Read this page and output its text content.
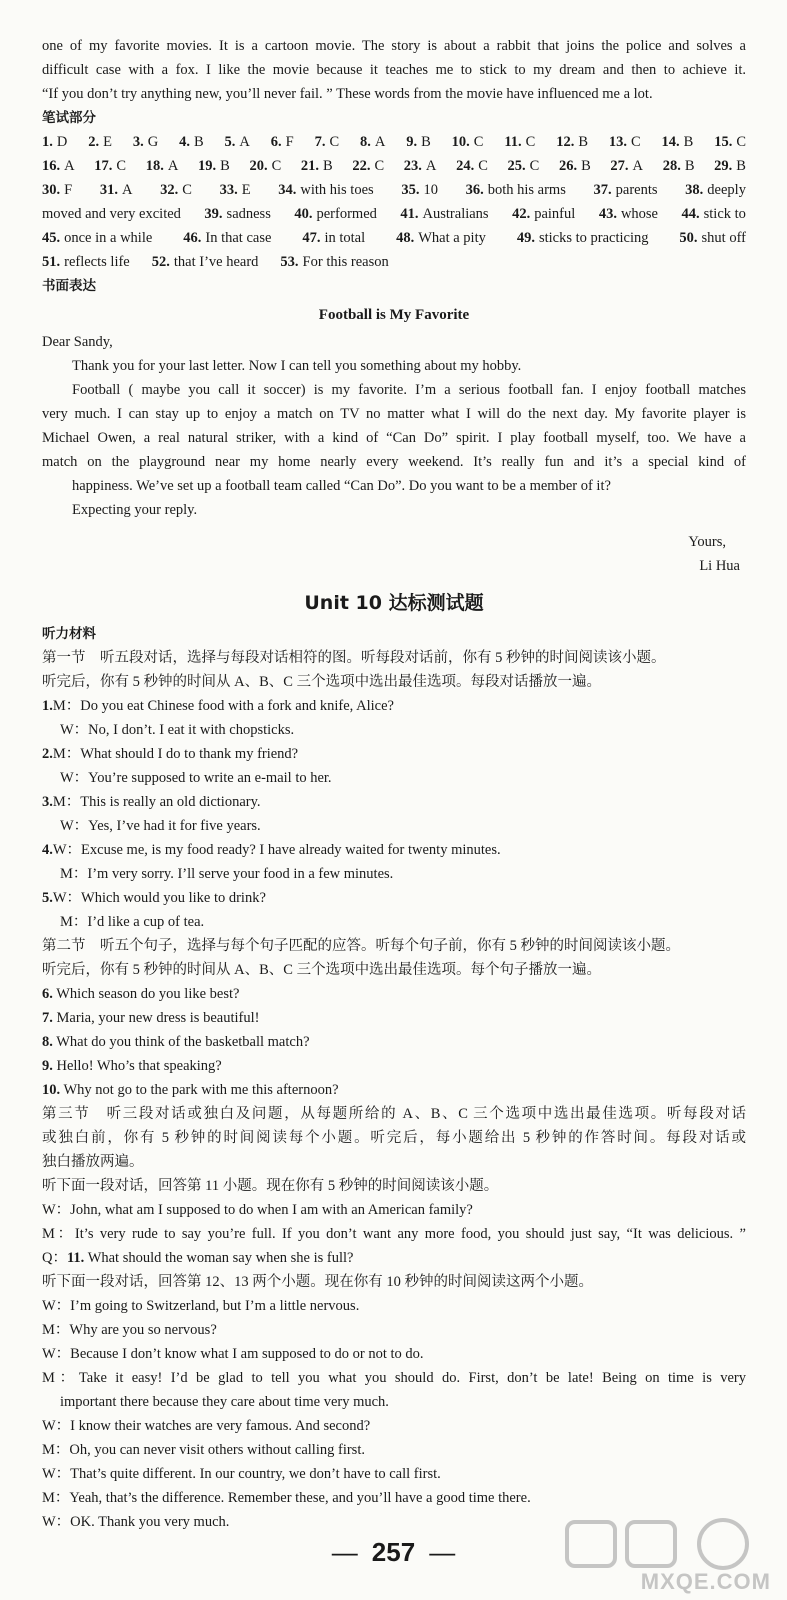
one of my favorite movies. It is a cartoon movie. The story is about a rabbit that joins the police and solves a
difficult case with a fox. I like the movie because it teaches me to stick to my dream and then to achieve it.
“If you don’t try anything new, you’ll never fail. ” These words from the movie have influenced me a lot.
笔试部分
1. D 2. E 3. G 4. B 5. A 6. F 7. C 8. A 9. B 10. C 11. C 12. B 13. C 14. B 15. C
16. A 17. C 18. A 19. B 20. C 21. B 22. C 23. A 24. C 25. C 26. B 27. A 28. B 29. B
30. F 31. A 32. C 33. E 34. with his toes 35. 10 36. both his arms 37. parents 38. deeply
moved and very excited 39. sadness 40. performed 41. Australians 42. painful 43. whose 44. stick to
45. once in a while 46. In that case 47. in total 48. What a pity 49. sticks to practicing 50. shut off
51. reflects life 52. that I’ve heard 53. For this reason
书面表达
Football is My Favorite
Dear Sandy,
Thank you for your last letter. Now I can tell you something about my hobby.
Football ( maybe you call it soccer) is my favorite. I’m a serious football fan. I enjoy football matches
very much. I can stay up to enjoy a match on TV no matter what I will do the next day. My favorite player is
Michael Owen, a real natural striker, with a kind of “Can Do” spirit. I play football myself, too. We have a
match on the playground near my home nearly every weekend. It’s really fun and it’s a special kind of
happiness. We’ve set up a football team called “Can Do”. Do you want to be a member of it?
Expecting your reply.
Yours,
Li Hua
Unit 10 达标测试题
听力材料
第一节　听五段对话，选择与每段对话相符的图。听每段对话前，你有 5 秒钟的时间阅读该小题。
听完后，你有 5 秒钟的时间从 A、B、C 三个选项中选出最佳选项。每段对话播放一遍。
1.M：Do you eat Chinese food with a fork and knife, Alice?
W：No, I don’t. I eat it with chopsticks.
2.M：What should I do to thank my friend?
W：You’re supposed to write an e-mail to her.
3.M：This is really an old dictionary.
W：Yes, I’ve had it for five years.
4.W：Excuse me, is my food ready? I have already waited for twenty minutes.
M：I’m very sorry. I’ll serve your food in a few minutes.
5.W：Which would you like to drink?
M：I’d like a cup of tea.
第二节　听五个句子，选择与每个句子匹配的应答。听每个句子前，你有 5 秒钟的时间阅读该小题。
听完后，你有 5 秒钟的时间从 A、B、C 三个选项中选出最佳选项。每个句子播放一遍。
6. Which season do you like best?
7. Maria, your new dress is beautiful!
8. What do you think of the basketball match?
9. Hello! Who’s that speaking?
10. Why not go to the park with me this afternoon?
第三节　听三段对话或独白及问题，从每题所给的 A、B、C 三个选项中选出最佳选项。听每段对话
或独白前，你有 5 秒钟的时间阅读每个小题。听完后，每小题给出 5 秒钟的作答时间。每段对话或
独白播放两遍。
听下面一段对话，回答第 11 小题。现在你有 5 秒钟的时间阅读该小题。
W：John, what am I supposed to do when I am with an American family?
M：It’s very rude to say you’re full. If you don’t want any more food, you should just say, “It was delicious. ”
Q：11. What should the woman say when she is full?
听下面一段对话，回答第 12、13 两个小题。现在你有 10 秒钟的时间阅读这两个小题。
W：I’m going to Switzerland, but I’m a little nervous.
M：Why are you so nervous?
W：Because I don’t know what I am supposed to do or not to do.
M：Take it easy! I’d be glad to tell you what you should do. First, don’t be late! Being on time is very
important there because they care about time very much.
W：I know their watches are very famous. And second?
M：Oh, you can never visit others without calling first.
W：That’s quite different. In our country, we don’t have to call first.
M：Yeah, that’s the difference. Remember these, and you’ll have a good time there.
W：OK. Thank you very much.
— 257 —
MXQE.COM
